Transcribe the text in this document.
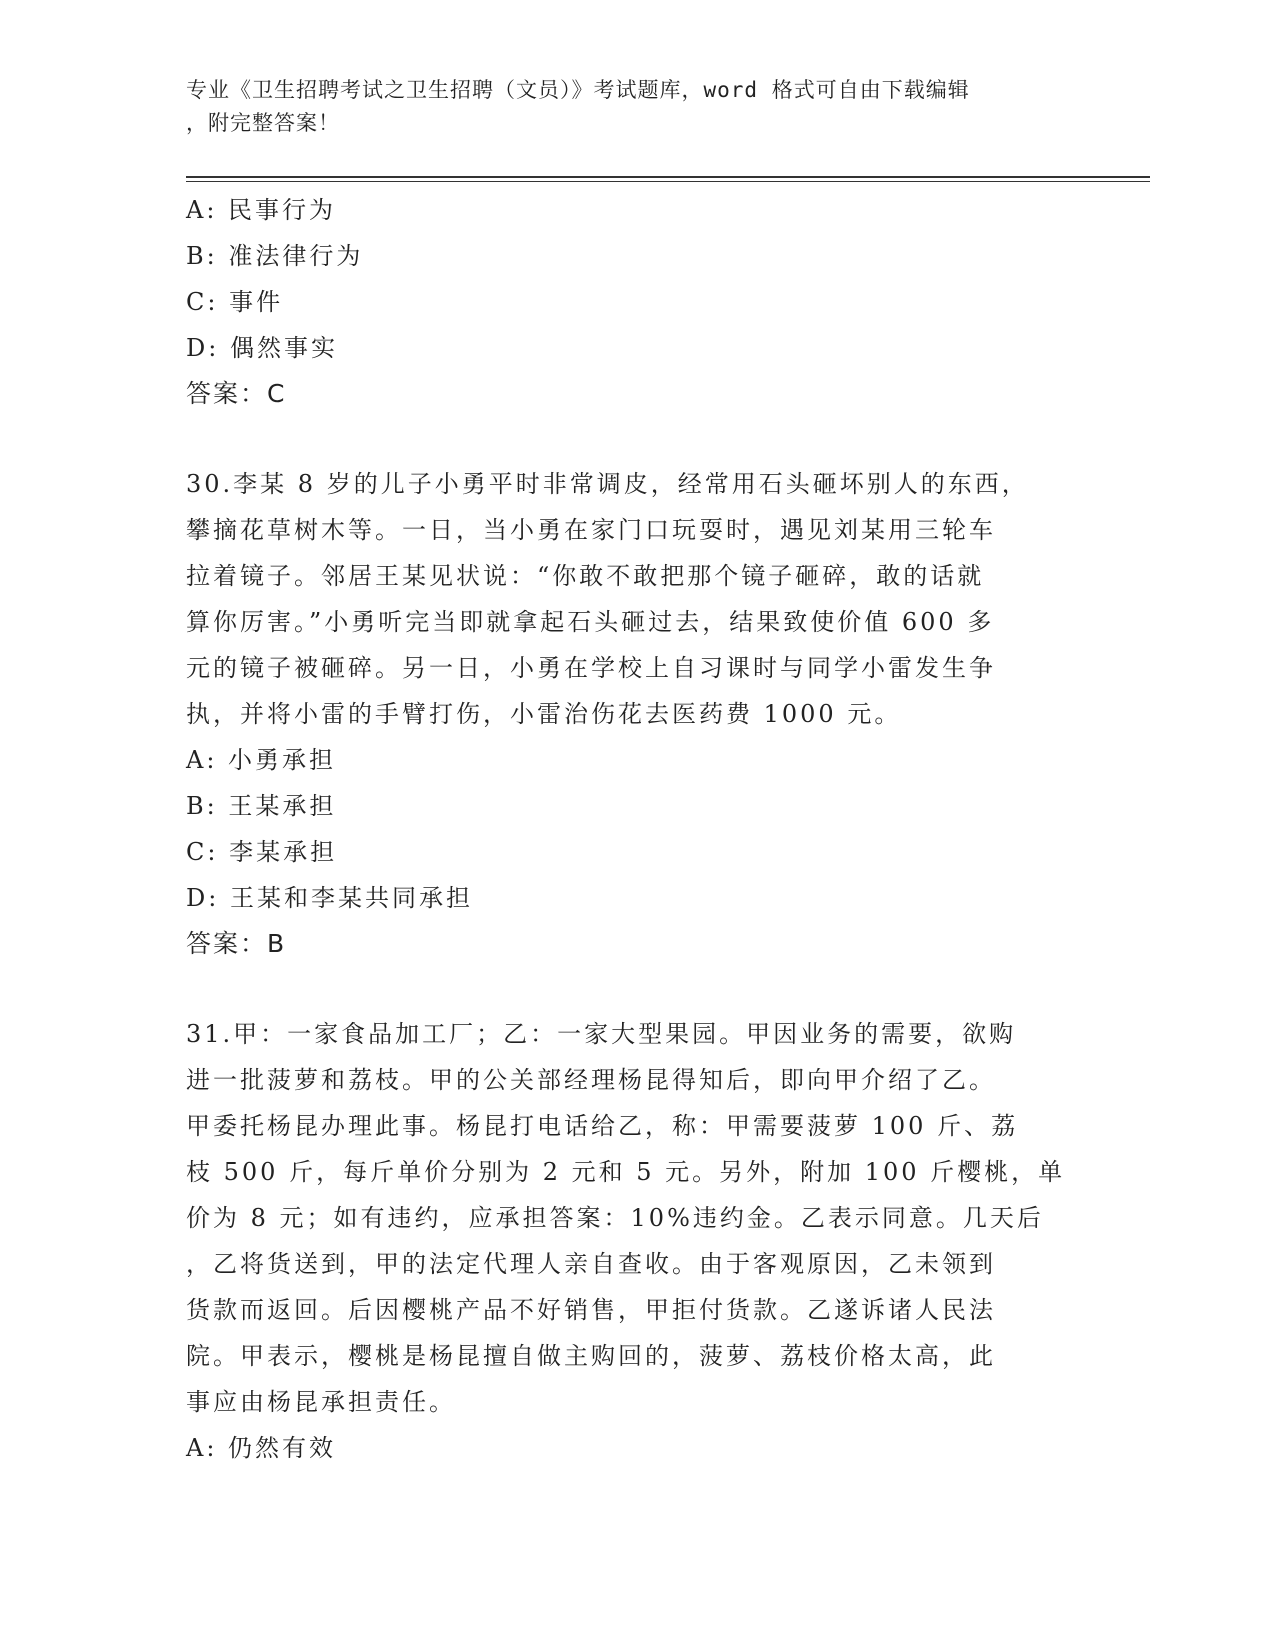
专业《卫生招聘考试之卫生招聘（文员）》考试题库，word 格式可自由下载编辑
，附完整答案！
A: 民事行为
B: 准法律行为
C: 事件
D: 偶然事实
答案：C
30.李某 8 岁的儿子小勇平时非常调皮，经常用石头砸坏别人的东西，
攀摘花草树木等。一日，当小勇在家门口玩耍时，遇见刘某用三轮车
拉着镜子。邻居王某见状说：“你敢不敢把那个镜子砸碎，敢的话就
算你厉害。”小勇听完当即就拿起石头砸过去，结果致使价值 600 多
元的镜子被砸碎。另一日，小勇在学校上自习课时与同学小雷发生争
执，并将小雷的手臂打伤，小雷治伤花去医药费 1000 元。
A: 小勇承担
B: 王某承担
C: 李某承担
D: 王某和李某共同承担
答案：B
31.甲：一家食品加工厂；乙：一家大型果园。甲因业务的需要，欲购
进一批菠萝和荔枝。甲的公关部经理杨昆得知后，即向甲介绍了乙。
甲委托杨昆办理此事。杨昆打电话给乙，称：甲需要菠萝 100 斤、荔
枝 500 斤，每斤单价分别为 2 元和 5 元。另外，附加 100 斤樱桃，单
价为 8 元；如有违约，应承担答案：10%违约金。乙表示同意。几天后
，乙将货送到，甲的法定代理人亲自查收。由于客观原因，乙未领到
货款而返回。后因樱桃产品不好销售，甲拒付货款。乙遂诉诸人民法
院。甲表示，樱桃是杨昆擅自做主购回的，菠萝、荔枝价格太高，此
事应由杨昆承担责任。
A: 仍然有效
